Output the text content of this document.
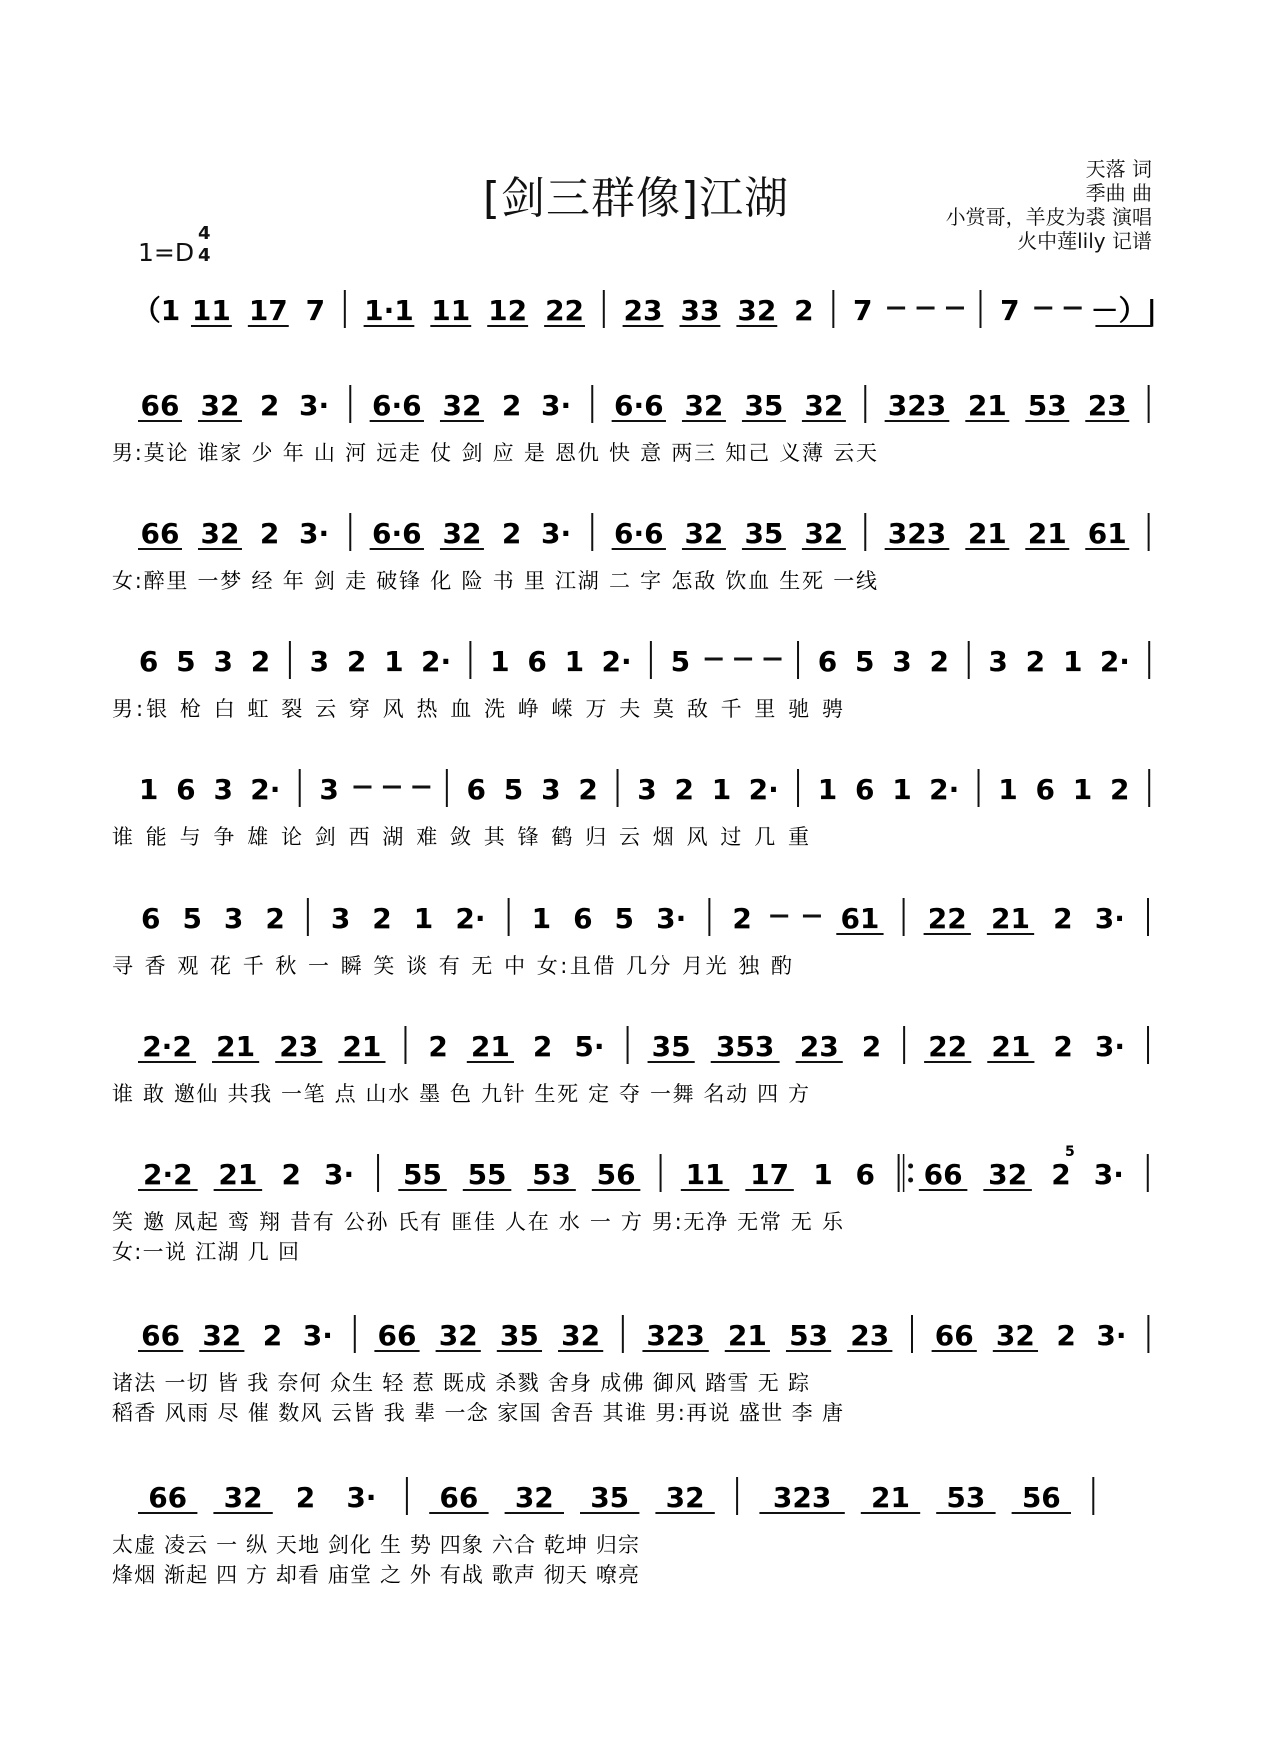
[剑三群像]江湖
天落 词
季曲 曲
小赏哥，羊皮为裘 演唱
火中莲lily 记谱
1=D
4
4
（1 11 17 7 1·1 11 12 22 23 33 32 2 7	7	－）|
66 32 2 3· 6·6 32 2 3· 6·6 32 35 32 323 21 53 23
男:莫论 谁家 少 年 山 河 远走 仗 剑 应 是 恩仇 快 意 两三 知己 义薄 云天
66 32 2 3· 6·6 32 2 3· 6·6 32 35 32 323 21 21 61
女:醉里 一梦 经 年 剑 走 破锋 化 险 书 里 江湖 二 字 怎敌 饮血 生死 一线
6 5 3 2 3 2 1 2· 1 6 1 2· 5	6 5 3 2 3 2 1 2·
男:银 枪 白 虹 裂 云 穿 风 热 血 洗 峥 嵘 万 夫 莫 敌 千 里 驰 骋
1 6 3 2· 3	6 5 3 2 3 2 1 2· 1 6 1 2· 1 6 1 2
谁 能 与 争 雄 论 剑 西 湖 难 敛 其 锋 鹤 归 云 烟 风 过 几 重
6 5 3 2 3 2 1 2· 1 6 5 3· 2	61 22 21 2 3·
寻 香 观 花 千 秋 一 瞬 笑 谈 有 无 中 女:且借 几分 月光 独 酌
2·2 21 23 21 2 21 2 5· 35 353 23 2 22 21 2 3·
谁 敢 邀仙 共我 一笔 点 山水 墨 色 九针 生死 定 夺 一舞 名动 四 方
2·2 21 2 3· 55 55 53 56 11 17 1 6 66 32 2 3·
5
笑 邀 凤起 鸾 翔 昔有 公孙 氏有 匪佳 人在 水 一 方 男:无净 无常 无 乐
女:一说 江湖 几 回
66 32 2 3· 66 32 35 32 323 21 53 23 66 32 2 3·
诸法 一切 皆 我 奈何 众生 轻 惹 既成 杀戮 舍身 成佛 御风 踏雪 无 踪
稻香 风雨 尽 催 数风 云皆 我 辈 一念 家国 舍吾 其谁 男:再说 盛世 李 唐
66 32 2 3· 66 32 35 32 323 21 53 56
太虚 凌云 一 纵 天地 剑化 生 势 四象 六合 乾坤 归宗
烽烟 渐起 四 方 却看 庙堂 之 外 有战 歌声 彻天 嘹亮
